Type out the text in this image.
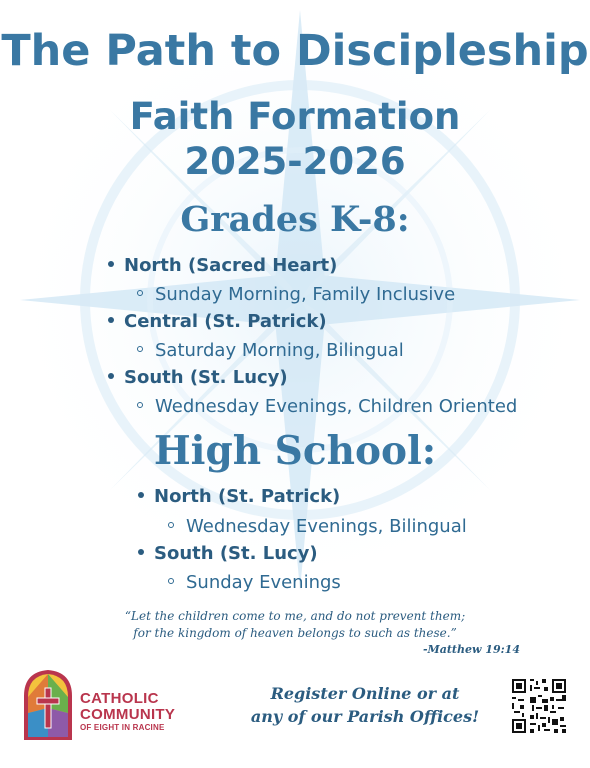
The Path to Discipleship
Faith Formation
2025-2026
Grades K-8:
North (Sacred Heart)
Sunday Morning, Family Inclusive
Central (St. Patrick)
Saturday Morning, Bilingual
South (St. Lucy)
Wednesday Evenings, Children Oriented
High School:
North (St. Patrick)
Wednesday Evenings, Bilingual
South (St. Lucy)
Sunday Evenings
“Let the children come to me, and do not prevent them;
for the kingdom of heaven belongs to such as these.”
-Matthew 19:14
CATHOLIC
COMMUNITY
OF EIGHT IN RACINE
Register Online or at
any of our Parish Offices!
